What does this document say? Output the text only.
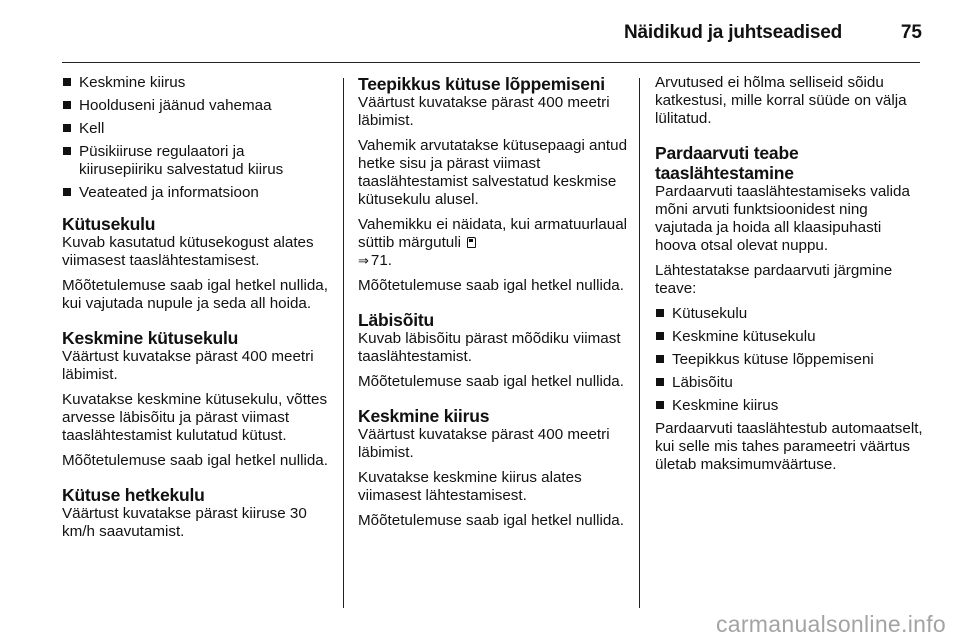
Näidikud ja juhtseadised	75
Keskmine kiirus
Hoolduseni jäänud vahemaa
Kell
Püsikiiruse regulaatori ja kiirusepiiriku salvestatud kiirus
Veateated ja informatsioon
Kütusekulu

Kuvab kasutatud kütusekogust alates viimasest taaslähtestamisest.

Mõõtetulemuse saab igal hetkel nullida, kui vajutada nupule ja seda all hoida.

Keskmine kütusekulu

Väärtust kuvatakse pärast 400 meetri läbimist.

Kuvatakse keskmine kütusekulu, võttes arvesse läbisõitu ja pärast viimast taaslähtestamist kulutatud kütust.

Mõõtetulemuse saab igal hetkel nullida.

Kütuse hetkekulu

Väärtust kuvatakse pärast kiiruse 30 km/h saavutamist.

Teepikkus kütuse lõppemiseni

Väärtust kuvatakse pärast 400 meetri läbimist.

Vahemik arvutatakse kütusepaagi antud hetke sisu ja pärast viimast taaslähtestamist salvestatud keskmise kütusekulu alusel.

Vahemikku ei näidata, kui armatuurlaual süttib märgutuli
⇒ 71.

Mõõtetulemuse saab igal hetkel nullida.

Läbisõitu

Kuvab läbisõitu pärast mõõdiku viimast taaslähtestamist.

Mõõtetulemuse saab igal hetkel nullida.

Keskmine kiirus

Väärtust kuvatakse pärast 400 meetri läbimist.

Kuvatakse keskmine kiirus alates viimasest lähtestamisest.

Mõõtetulemuse saab igal hetkel nullida.

Arvutused ei hõlma selliseid sõidu katkestusi, mille korral süüde on välja lülitatud.

Pardaarvuti teabe taaslähtestamine

Pardaarvuti taaslähtestamiseks valida mõni arvuti funktsioonidest ning vajutada ja hoida all klaasipuhasti hoova otsal olevat nuppu.

Lähtestatakse pardaarvuti järgmine teave:

Kütusekulu
Keskmine kütusekulu
Teepikkus kütuse lõppemiseni
Läbisõitu
Keskmine kiirus

Pardaarvuti taaslähtestub automaatselt, kui selle mis tahes parameetri väärtus ületab maksimumväärtuse.

carmanualsonline.info
